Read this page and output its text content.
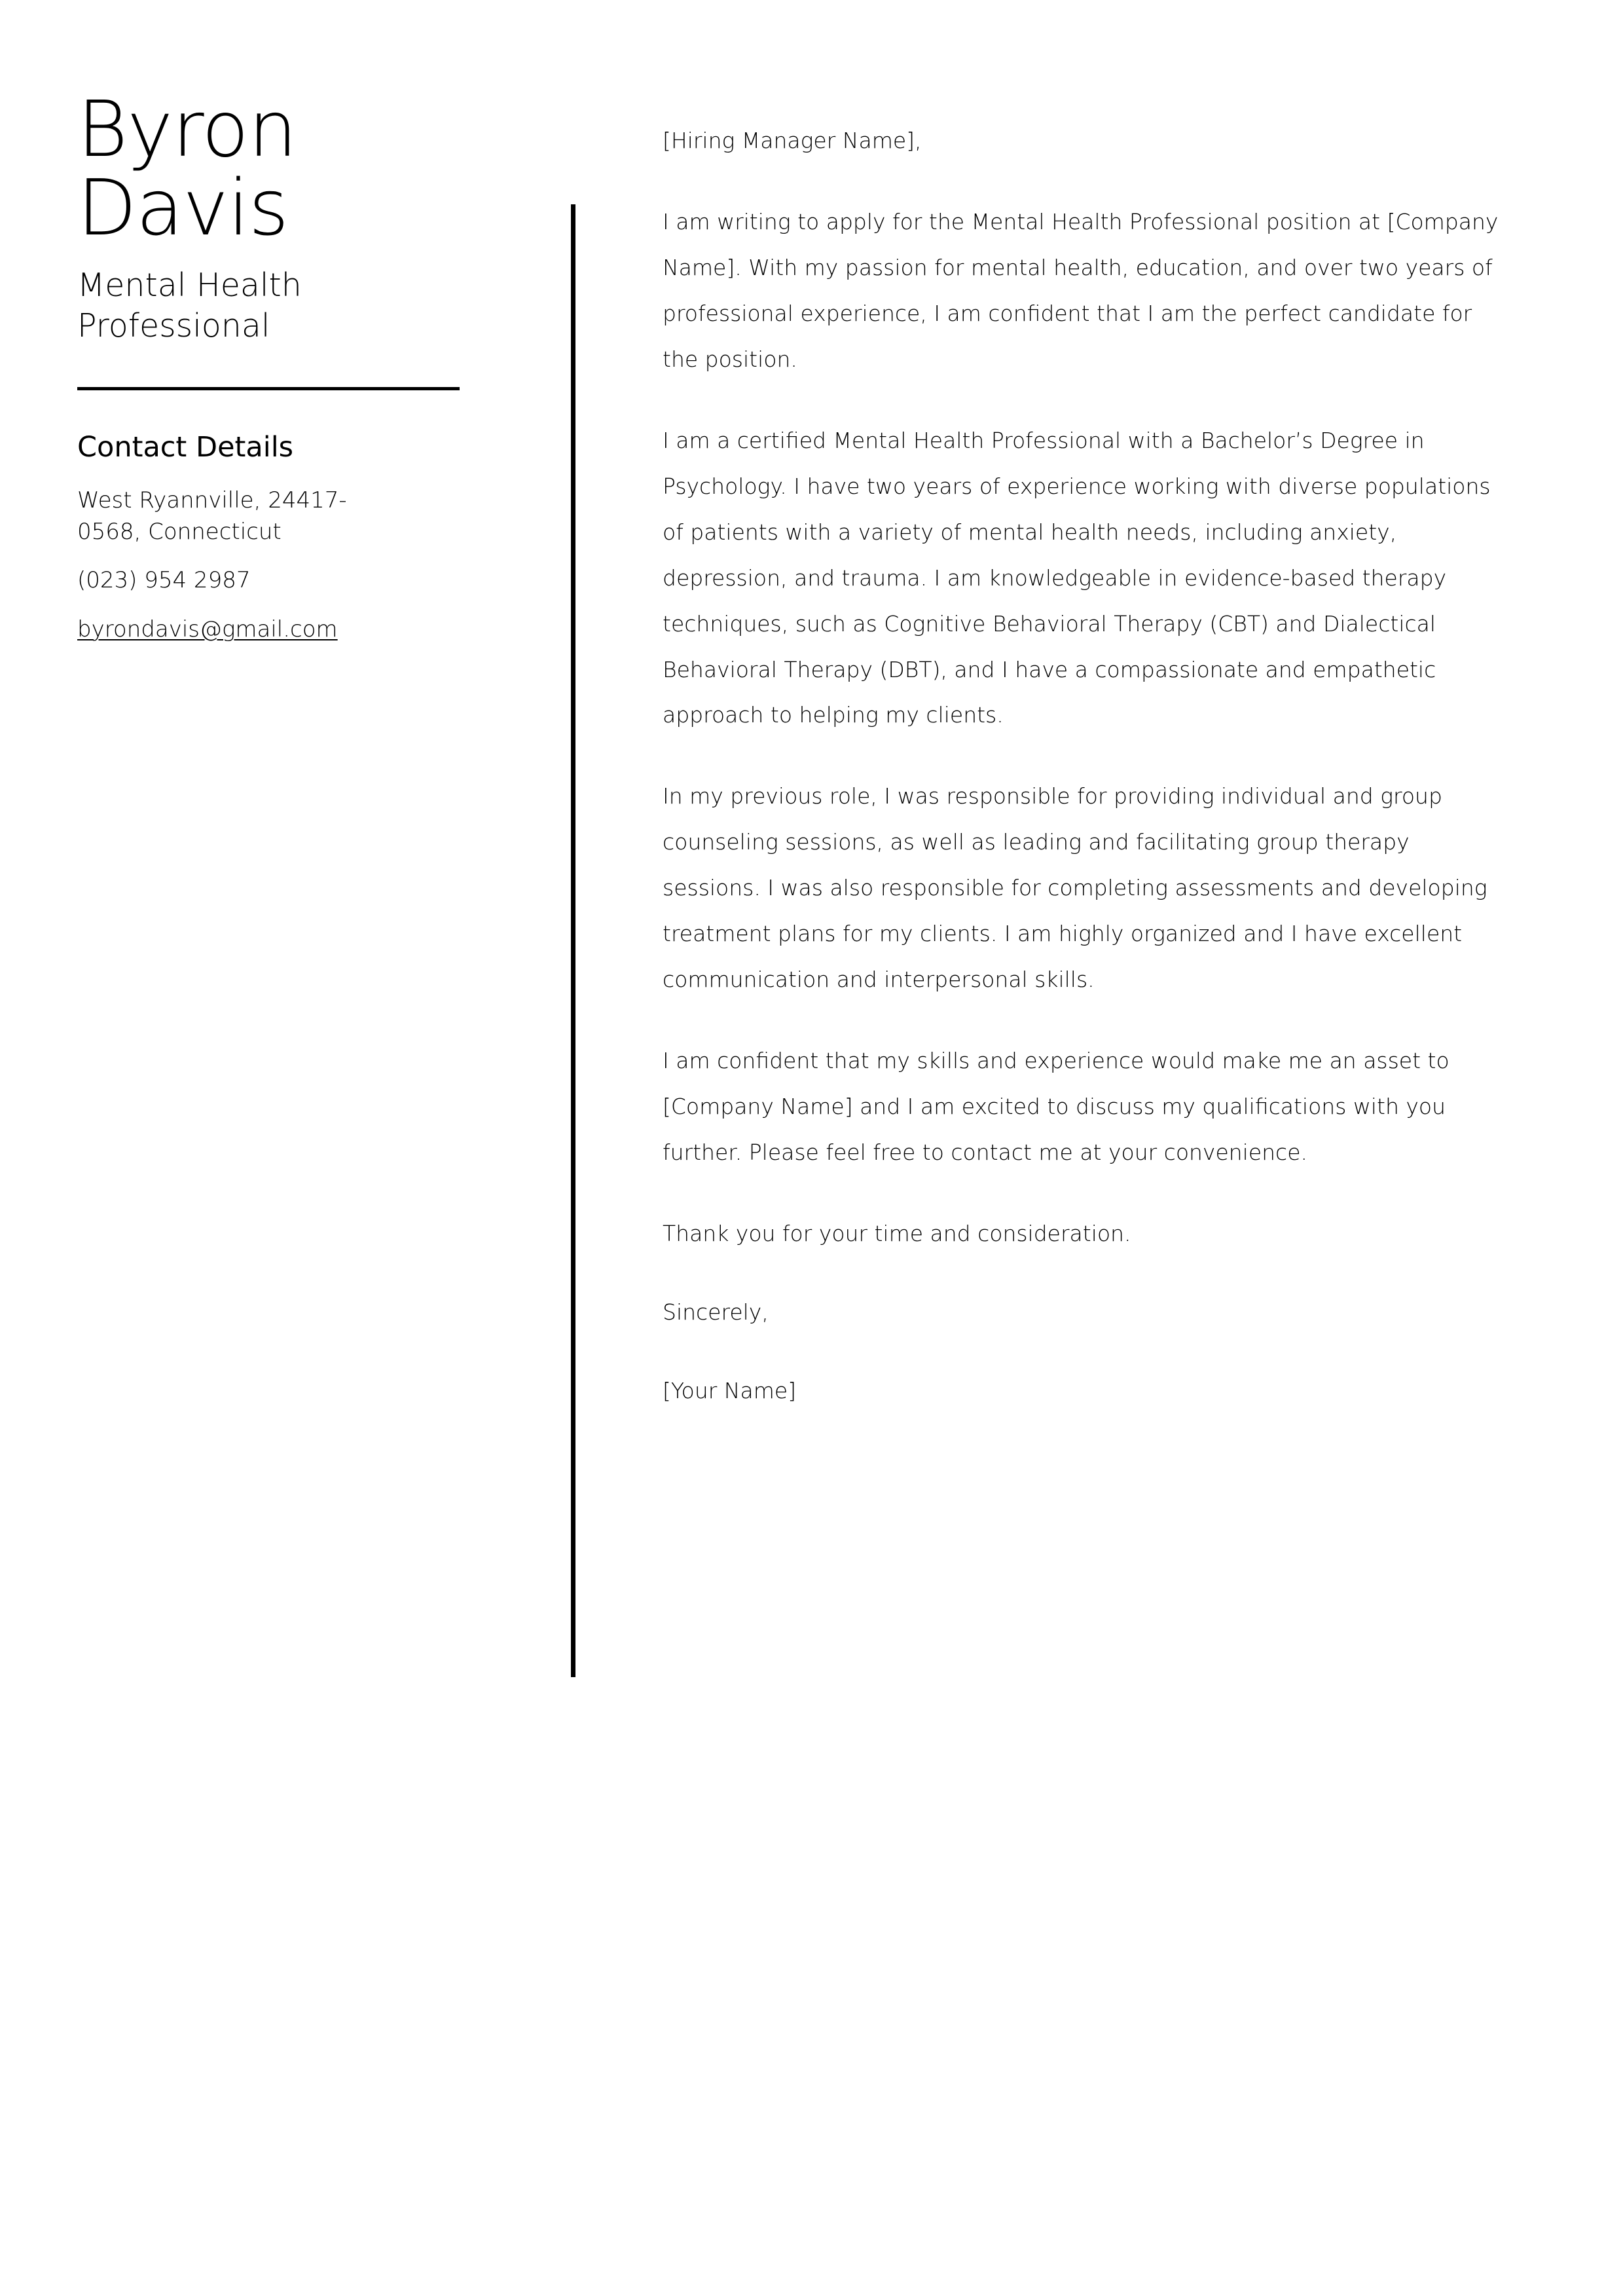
Byron
Davis
Mental Health Professional
Contact Details
West Ryannville, 24417-0568, Connecticut
(023) 954 2987
byrondavis@gmail.com

[Hiring Manager Name],

I am writing to apply for the Mental Health Professional position at [Company Name]. With my passion for mental health, education, and over two years of professional experience, I am confident that I am the perfect candidate for the position.

I am a certified Mental Health Professional with a Bachelor’s Degree in Psychology. I have two years of experience working with diverse populations of patients with a variety of mental health needs, including anxiety, depression, and trauma. I am knowledgeable in evidence-based therapy techniques, such as Cognitive Behavioral Therapy (CBT) and Dialectical Behavioral Therapy (DBT), and I have a compassionate and empathetic approach to helping my clients.

In my previous role, I was responsible for providing individual and group counseling sessions, as well as leading and facilitating group therapy sessions. I was also responsible for completing assessments and developing treatment plans for my clients. I am highly organized and I have excellent communication and interpersonal skills.

I am confident that my skills and experience would make me an asset to [Company Name] and I am excited to discuss my qualifications with you further. Please feel free to contact me at your convenience.

Thank you for your time and consideration.

Sincerely,

[Your Name]
